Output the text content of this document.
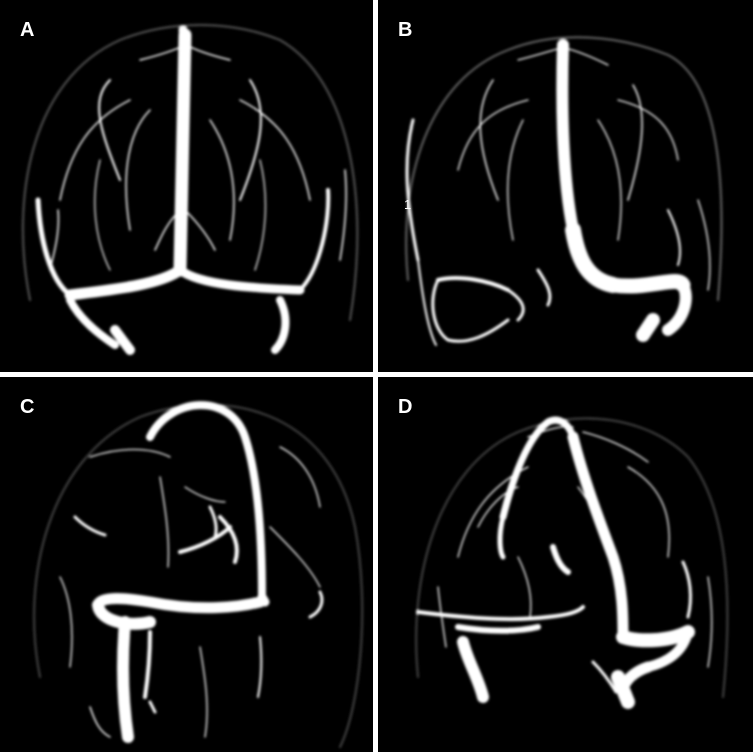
A	B
1
C	D
